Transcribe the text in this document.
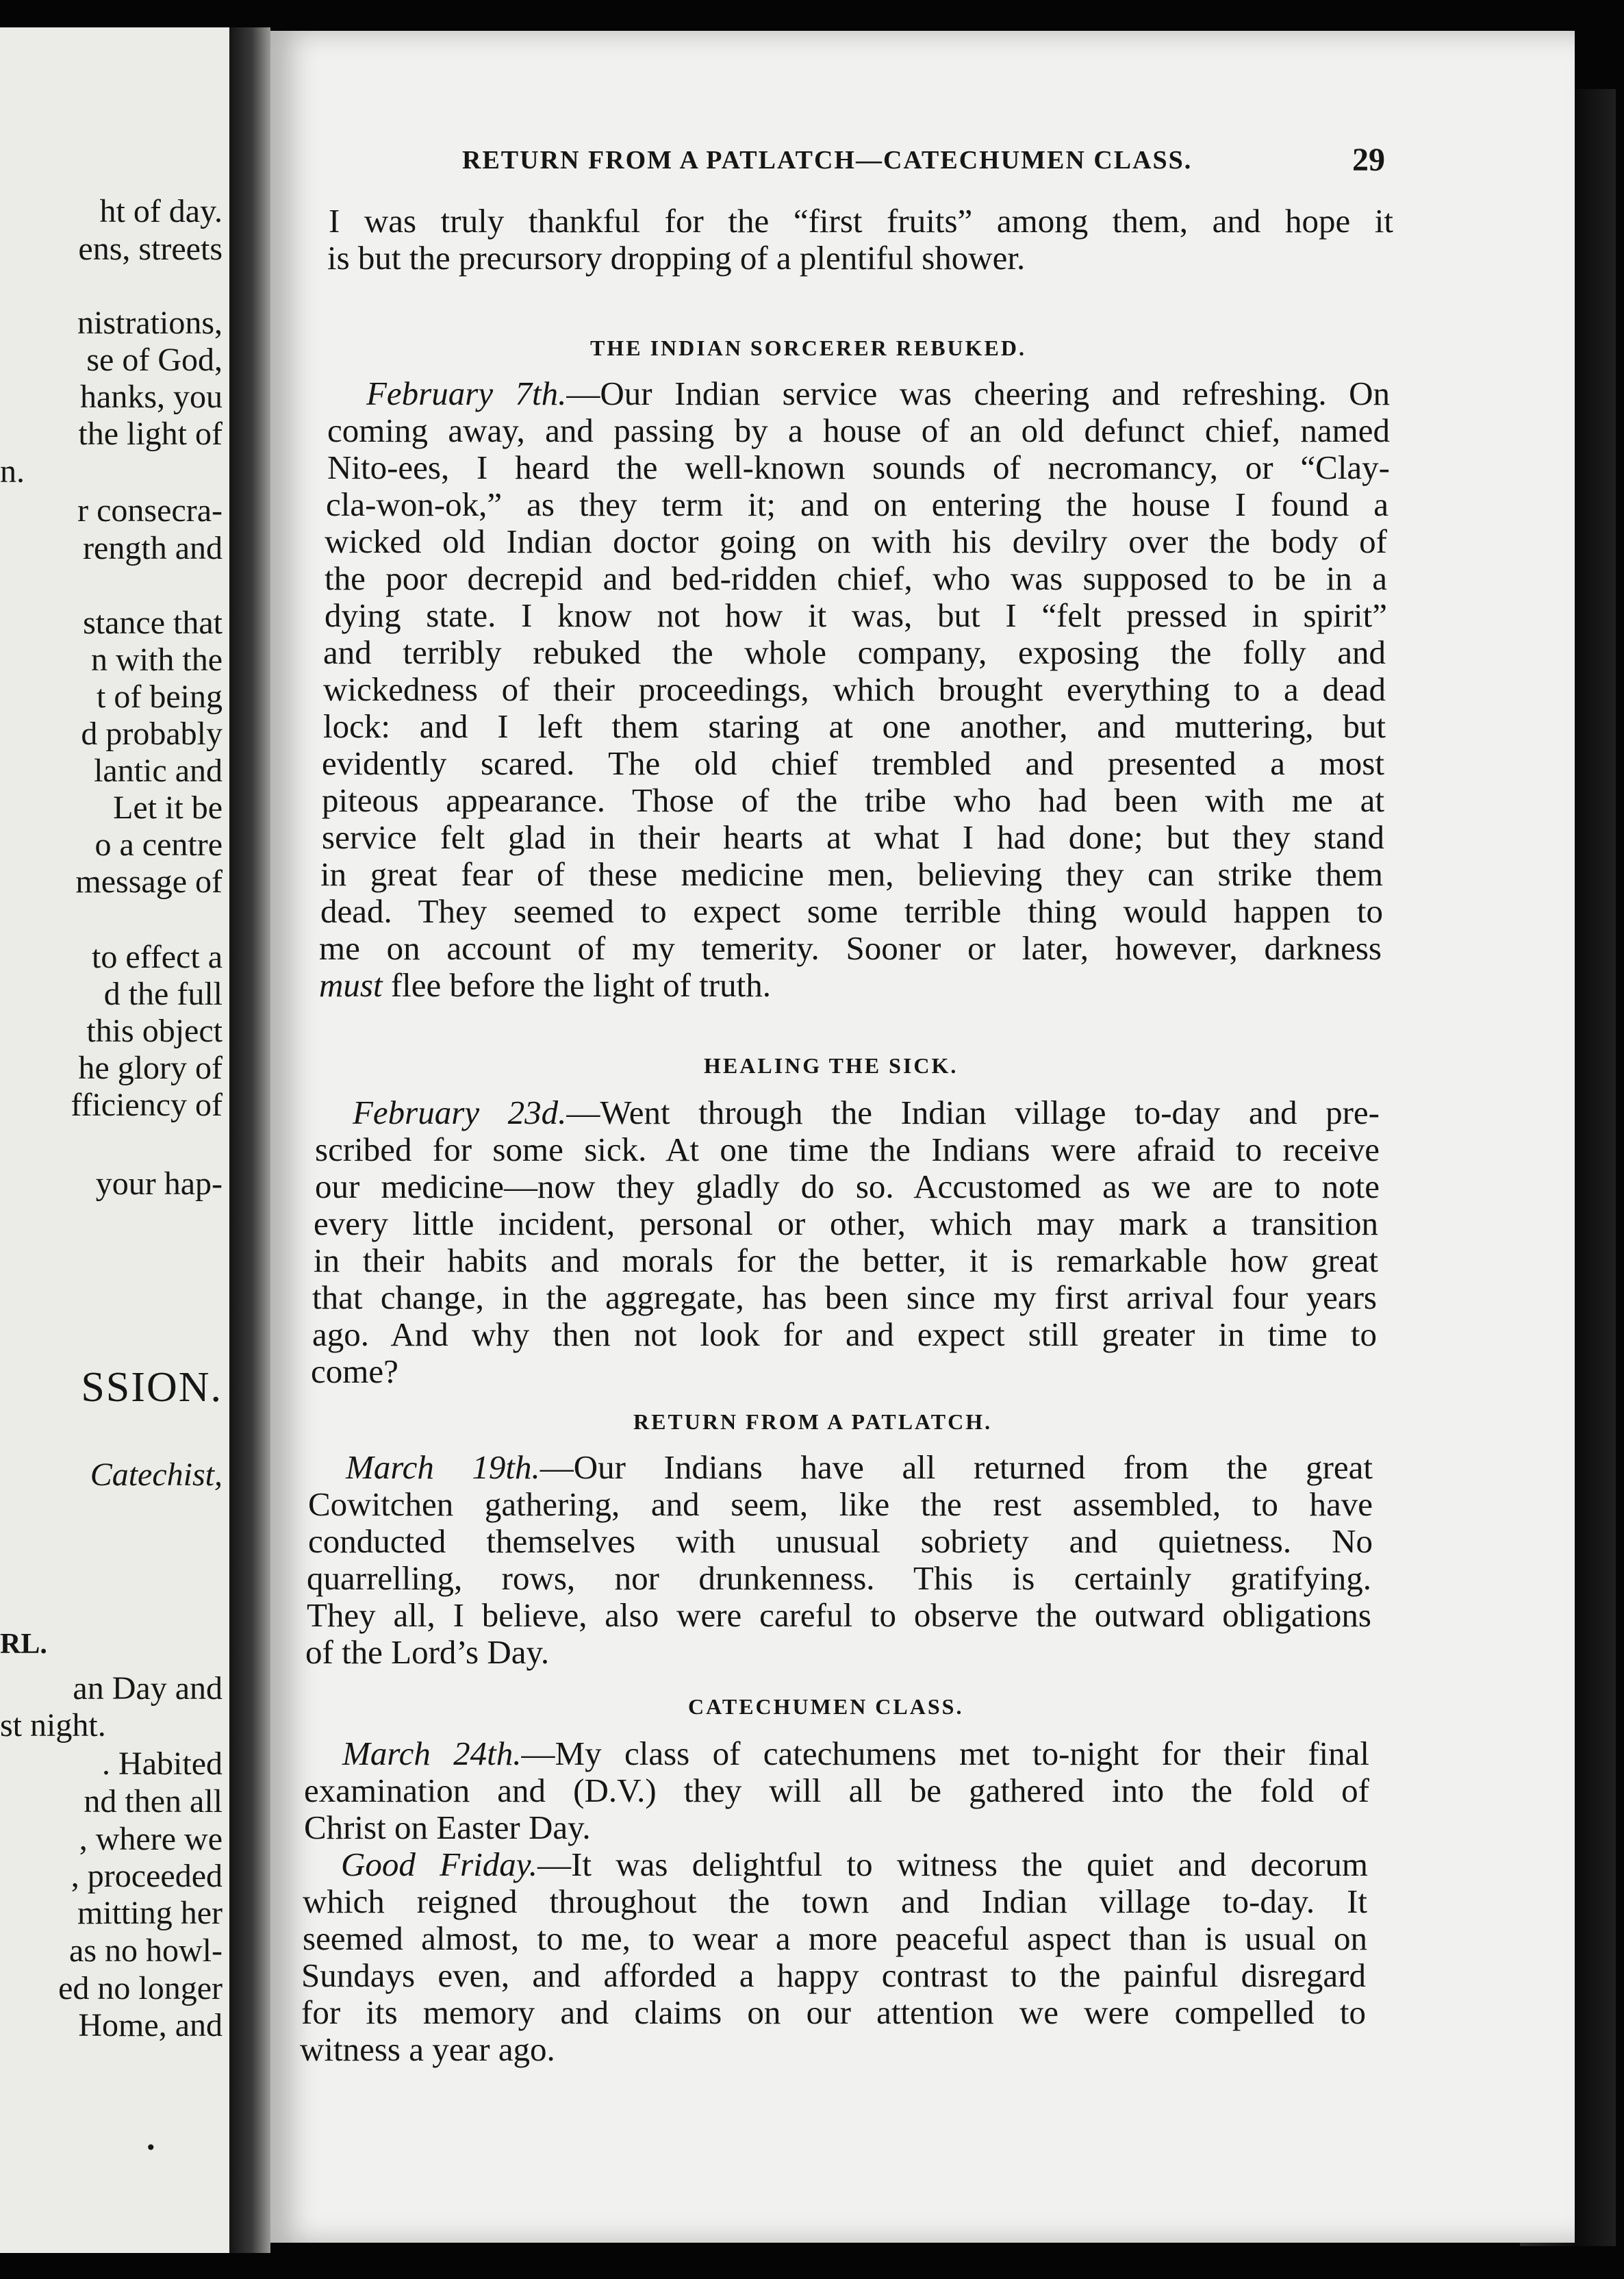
ht of day.
ens, streets
nistrations,
se of God,
hanks, you
the light of
n.
r consecra-
rength and
stance that
n with the
t of being
d probably
lantic and
Let it be
o a centre
message of
to effect a
d the full
this object
he glory of
fficiency of
your hap-
SSION.
Catechist,
RL.
an Day and
st night.
. Habited
nd then all
, where we
, proceeded
mitting her
as no howl-
ed no longer
Home, and
•
RETURN FROM A PATLATCH—CATECHUMEN CLASS.	29
I was truly thankful for the “first fruits” among them, and hope it
is but the precursory dropping of a plentiful shower.
THE INDIAN SORCERER REBUKED.
February 7th.—Our Indian service was cheering and refreshing. On
coming away, and passing by a house of an old defunct chief, named
Nito-ees, I heard the well-known sounds of necromancy, or “Clay-
cla-won-ok,” as they term it; and on entering the house I found a
wicked old Indian doctor going on with his devilry over the body of
the poor decrepid and bed-ridden chief, who was supposed to be in a
dying state. I know not how it was, but I “felt pressed in spirit”
and terribly rebuked the whole company, exposing the folly and
wickedness of their proceedings, which brought everything to a dead
lock: and I left them staring at one another, and muttering, but
evidently scared. The old chief trembled and presented a most
piteous appearance. Those of the tribe who had been with me at
service felt glad in their hearts at what I had done; but they stand
in great fear of these medicine men, believing they can strike them
dead. They seemed to expect some terrible thing would happen to
me on account of my temerity. Sooner or later, however, darkness
must flee before the light of truth.
HEALING THE SICK.
February 23d.—Went through the Indian village to-day and pre-
scribed for some sick. At one time the Indians were afraid to receive
our medicine—now they gladly do so. Accustomed as we are to note
every little incident, personal or other, which may mark a transition
in their habits and morals for the better, it is remarkable how great
that change, in the aggregate, has been since my first arrival four years
ago. And why then not look for and expect still greater in time to
come?
RETURN FROM A PATLATCH.
March 19th.—Our Indians have all returned from the great
Cowitchen gathering, and seem, like the rest assembled, to have
conducted themselves with unusual sobriety and quietness. No
quarrelling, rows, nor drunkenness. This is certainly gratifying.
They all, I believe, also were careful to observe the outward obligations
of the Lord’s Day.
CATECHUMEN CLASS.
March 24th.—My class of catechumens met to-night for their final
examination and (D.V.) they will all be gathered into the fold of
Christ on Easter Day.
Good Friday.—It was delightful to witness the quiet and decorum
which reigned throughout the town and Indian village to-day. It
seemed almost, to me, to wear a more peaceful aspect than is usual on
Sundays even, and afforded a happy contrast to the painful disregard
for its memory and claims on our attention we were compelled to
witness a year ago.
